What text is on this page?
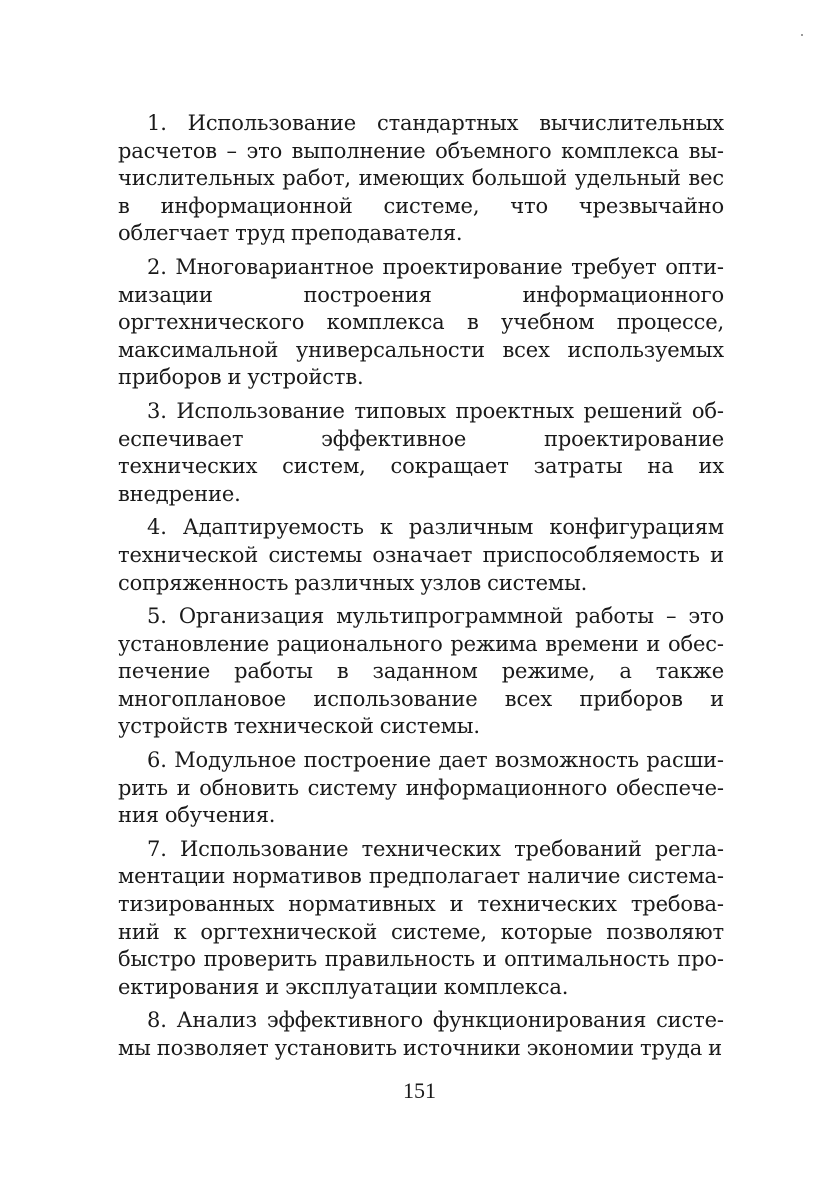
1. Использование стандартных вычислительных расчетов – это выполнение объемного комплекса вычислительных работ, имеющих большой удельный вес в информационной системе, что чрезвычайно облегчает труд преподавателя.

2. Многовариантное проектирование требует оптимизации построения информационного оргтехнического комплекса в учебном процессе, максимальной универсальности всех используемых приборов и устройств.

3. Использование типовых проектных решений обеспечивает эффективное проектирование технических систем, сокращает затраты на их внедрение.

4. Адаптируемость к различным конфигурациям технической системы означает приспособляемость и сопряженность различных узлов системы.

5. Организация мультипрограммной работы – это установление рационального режима времени и обеспечение работы в заданном режиме, а также многоплановое использование всех приборов и устройств технической системы.

6. Модульное построение дает возможность расширить и обновить систему информационного обеспечения обучения.

7. Использование технических требований регламентации нормативов предполагает наличие систематизированных нормативных и технических требований к оргтехнической системе, которые позволяют быстро проверить правильность и оптимальность проектирования и эксплуатации комплекса.

8. Анализ эффективного функционирования системы позволяет установить источники экономии труда и

151
